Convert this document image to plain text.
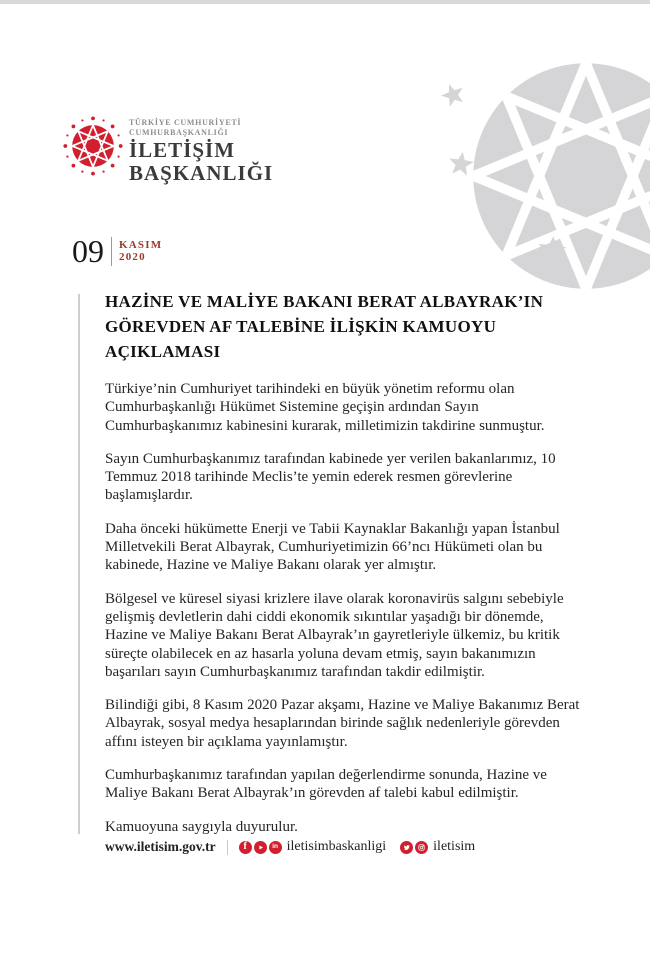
TÜRKİYE CUMHURİYETİ
CUMHURBAŞKANLIĞI
İLETİŞİM
BAŞKANLIĞI
09 KASIM
2020
HAZİNE VE MALİYE BAKANI BERAT ALBAYRAK’IN
GÖREVDEN AF TALEBİNE İLİŞKİN KAMUOYU AÇIKLAMASI

Türkiye’nin Cumhuriyet tarihindeki en büyük yönetim reformu olan Cumhurbaşkanlığı Hükümet Sistemine geçişin ardından Sayın Cumhurbaşkanımız kabinesini kurarak, milletimizin takdirine sunmuştur.

Sayın Cumhurbaşkanımız tarafından kabinede yer verilen bakanlarımız, 10 Temmuz 2018 tarihinde Meclis’te yemin ederek resmen görevlerine başlamışlardır.

Daha önceki hükümette Enerji ve Tabii Kaynaklar Bakanlığı yapan İstanbul Milletvekili Berat Albayrak, Cumhuriyetimizin 66’ncı Hükümeti olan bu kabinede, Hazine ve Maliye Bakanı olarak yer almıştır.

Bölgesel ve küresel siyasi krizlere ilave olarak koronavirüs salgını sebebiyle gelişmiş devletlerin dahi ciddi ekonomik sıkıntılar yaşadığı bir dönemde, Hazine ve Maliye Bakanı Berat Albayrak’ın gayretleriyle ülkemiz, bu kritik süreçte olabilecek en az hasarla yoluna devam etmiş, sayın bakanımızın başarıları sayın Cumhurbaşkanımız tarafından takdir edilmiştir.

Bilindiği gibi, 8 Kasım 2020 Pazar akşamı, Hazine ve Maliye Bakanımız Berat Albayrak, sosyal medya hesaplarından birinde sağlık nedenleriyle görevden affını isteyen bir açıklama yayınlamıştır.

Cumhurbaşkanımız tarafından yapılan değerlendirme sonunda, Hazine ve Maliye Bakanı Berat Albayrak’ın görevden af talebi kabul edilmiştir.

Kamuoyuna saygıyla duyurulur.

www.iletisim.gov.tr	f	in iletisimbaskanligi	iletisim
